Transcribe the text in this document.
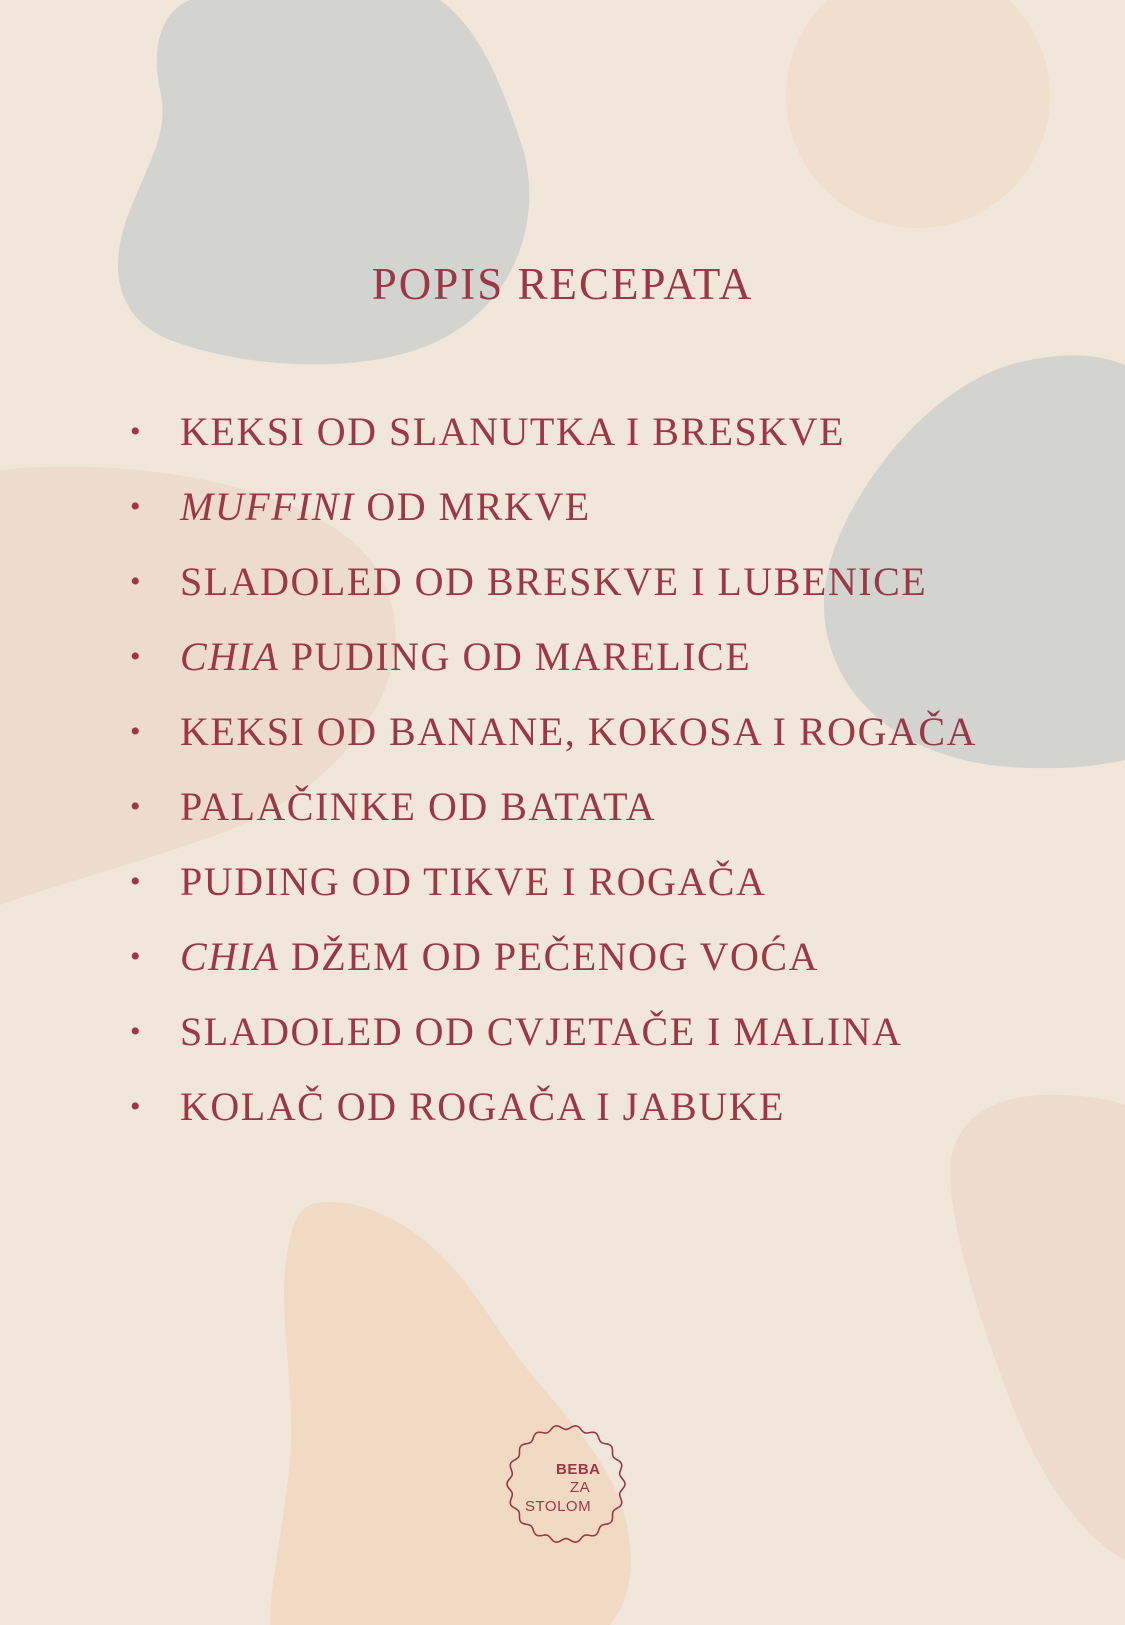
POPIS RECEPATA
• KEKSI OD SLANUTKA I BRESKVE
• MUFFINI OD MRKVE
• SLADOLED OD BRESKVE I LUBENICE
• CHIA PUDING OD MARELICE
• KEKSI OD BANANE, KOKOSA I ROGAČA
• PALAČINKE OD BATATA
• PUDING OD TIKVE I ROGAČA
• CHIA DŽEM OD PEČENOG VOĆA
• SLADOLED OD CVJETAČE I MALINA
• KOLAČ OD ROGAČA I JABUKE
BEBA
ZA
STOLOM
